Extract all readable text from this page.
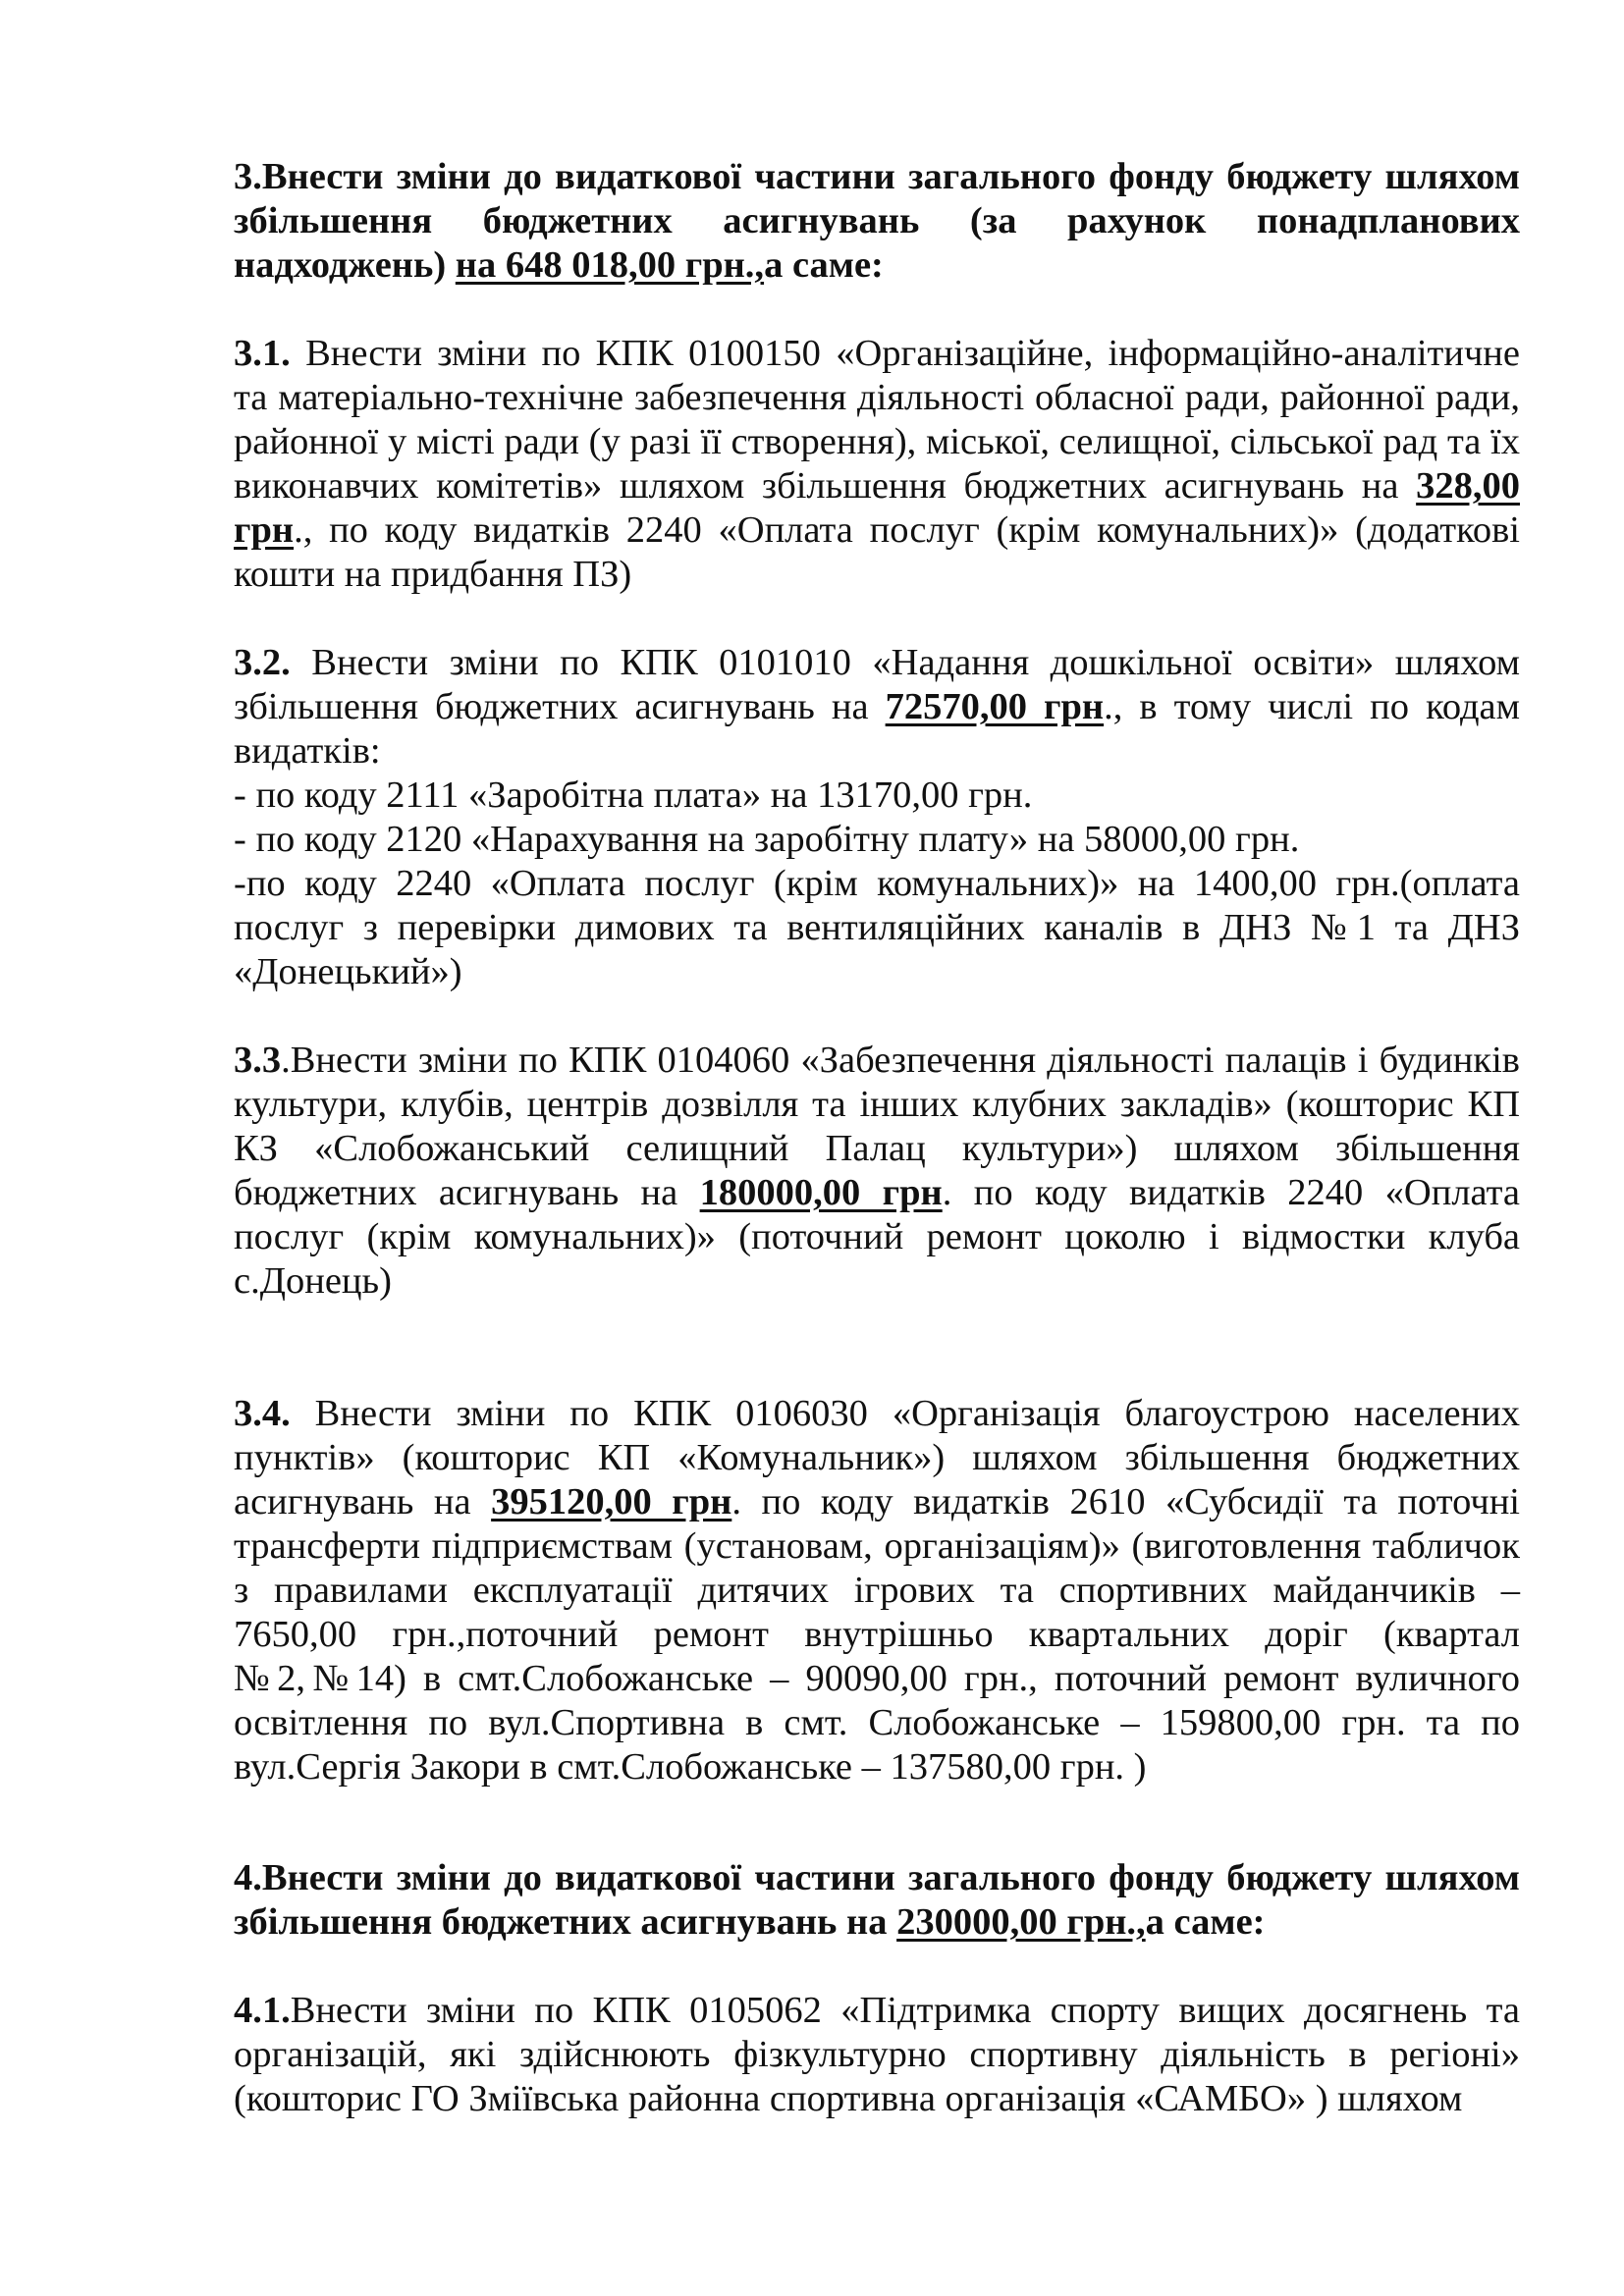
3.Внести зміни до видаткової частини загального фонду бюджету шляхом збільшення бюджетних асигнувань (за рахунок понадпланових надходжень) на 648 018,00 грн.,а саме:

3.1. Внести зміни по КПК 0100150 «Організаційне, інформаційно-аналітичне та матеріально-технічне забезпечення діяльності обласної ради, районної ради, районної у місті ради (у разі її створення), міської, селищної, сільської рад та їх виконавчих комітетів» шляхом збільшення бюджетних асигнувань на 328,00 грн., по коду видатків 2240 «Оплата послуг (крім комунальних)» (додаткові кошти на придбання ПЗ)

3.2. Внести зміни по КПК 0101010 «Надання дошкільної освіти» шляхом збільшення бюджетних асигнувань на 72570,00 грн., в тому числі по кодам видатків:

- по коду 2111 «Заробітна плата» на 13170,00 грн.

- по коду 2120 «Нарахування на заробітну плату» на 58000,00 грн.

-по коду 2240 «Оплата послуг (крім комунальних)» на 1400,00 грн.(оплата послуг з перевірки димових та вентиляційних каналів в ДНЗ №1 та ДНЗ «Донецький»)

3.3.Внести зміни по КПК 0104060 «Забезпечення діяльності палаців і будинків культури, клубів, центрів дозвілля та інших клубних закладів» (кошторис КП КЗ «Слобожанський селищний Палац культури») шляхом збільшення бюджетних асигнувань на 180000,00 грн. по коду видатків 2240 «Оплата послуг (крім комунальних)» (поточний ремонт цоколю і відмостки клуба с.Донець)

3.4. Внести зміни по КПК 0106030 «Організація благоустрою населених пунктів» (кошторис КП «Комунальник») шляхом збільшення бюджетних асигнувань на 395120,00 грн. по коду видатків 2610 «Субсидії та поточні трансферти підприємствам (установам, організаціям)» (виготовлення табличок з правилами експлуатації дитячих ігрових та спортивних майданчиків – 7650,00 грн.,поточний ремонт внутрішньо квартальних доріг (квартал №2,№14) в смт.Слобожанське – 90090,00 грн., поточний ремонт вуличного освітлення по вул.Спортивна в смт. Слобожанське – 159800,00 грн. та по вул.Сергія Закори в смт.Слобожанське – 137580,00 грн. )

4.Внести зміни до видаткової частини загального фонду бюджету шляхом збільшення бюджетних асигнувань на 230000,00 грн.,а саме:

4.1.Внести зміни по КПК 0105062 «Підтримка спорту вищих досягнень та організацій, які здійснюють фізкультурно спортивну діяльність в регіоні» (кошторис ГО Зміївська районна спортивна організація «САМБО» ) шляхом
